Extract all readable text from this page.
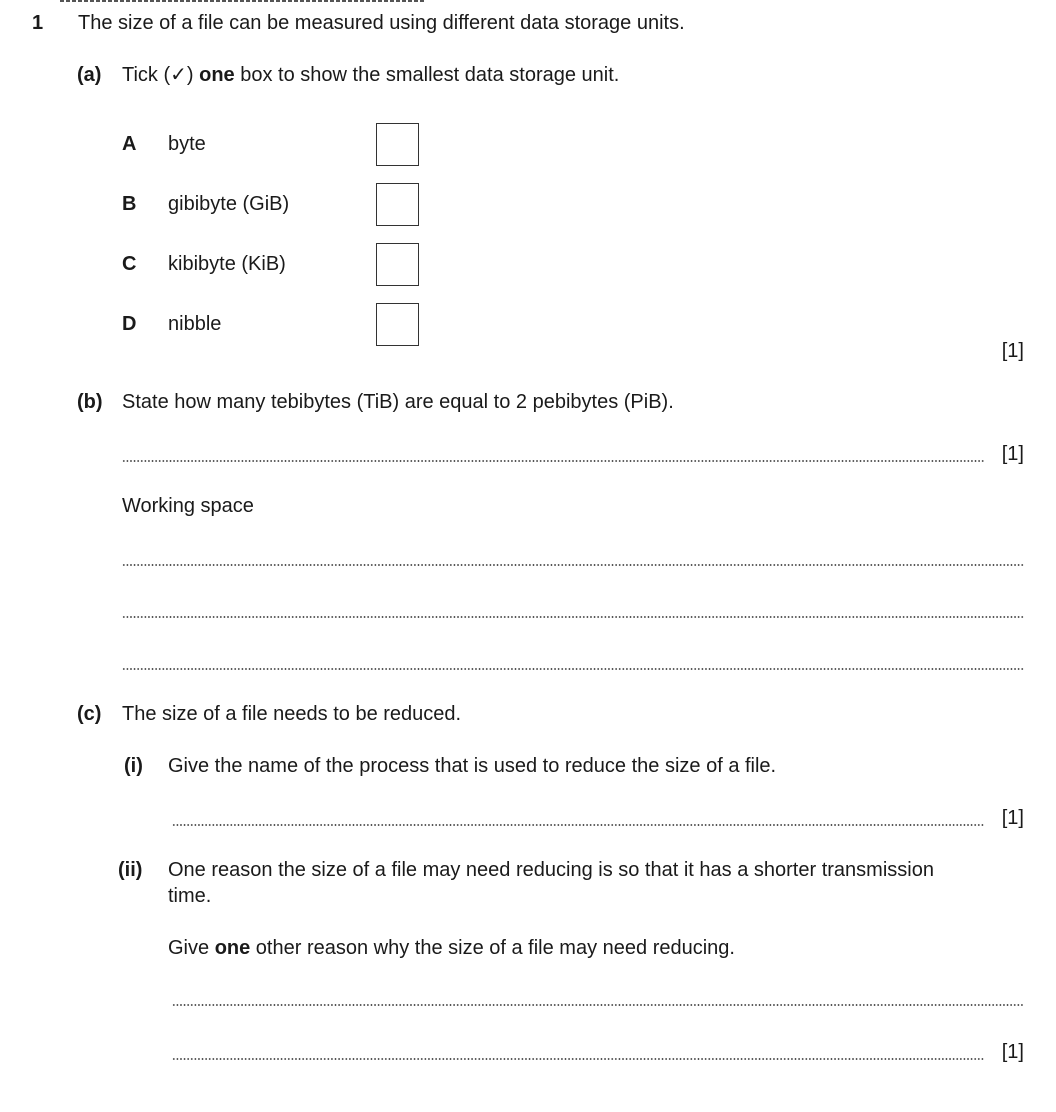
1 The size of a file can be measured using different data storage units.
(a) Tick (✓) one box to show the smallest data storage unit.
A byte
B gibibyte (GiB)
C kibibyte (KiB)
D nibble
[1]
(b) State how many tebibytes (TiB) are equal to 2 pebibytes (PiB).
[1]
Working space
(c) The size of a file needs to be reduced.
(i) Give the name of the process that is used to reduce the size of a file.
[1]
(ii) One reason the size of a file may need reducing is so that it has a shorter transmission
time.
Give one other reason why the size of a file may need reducing.
[1]
